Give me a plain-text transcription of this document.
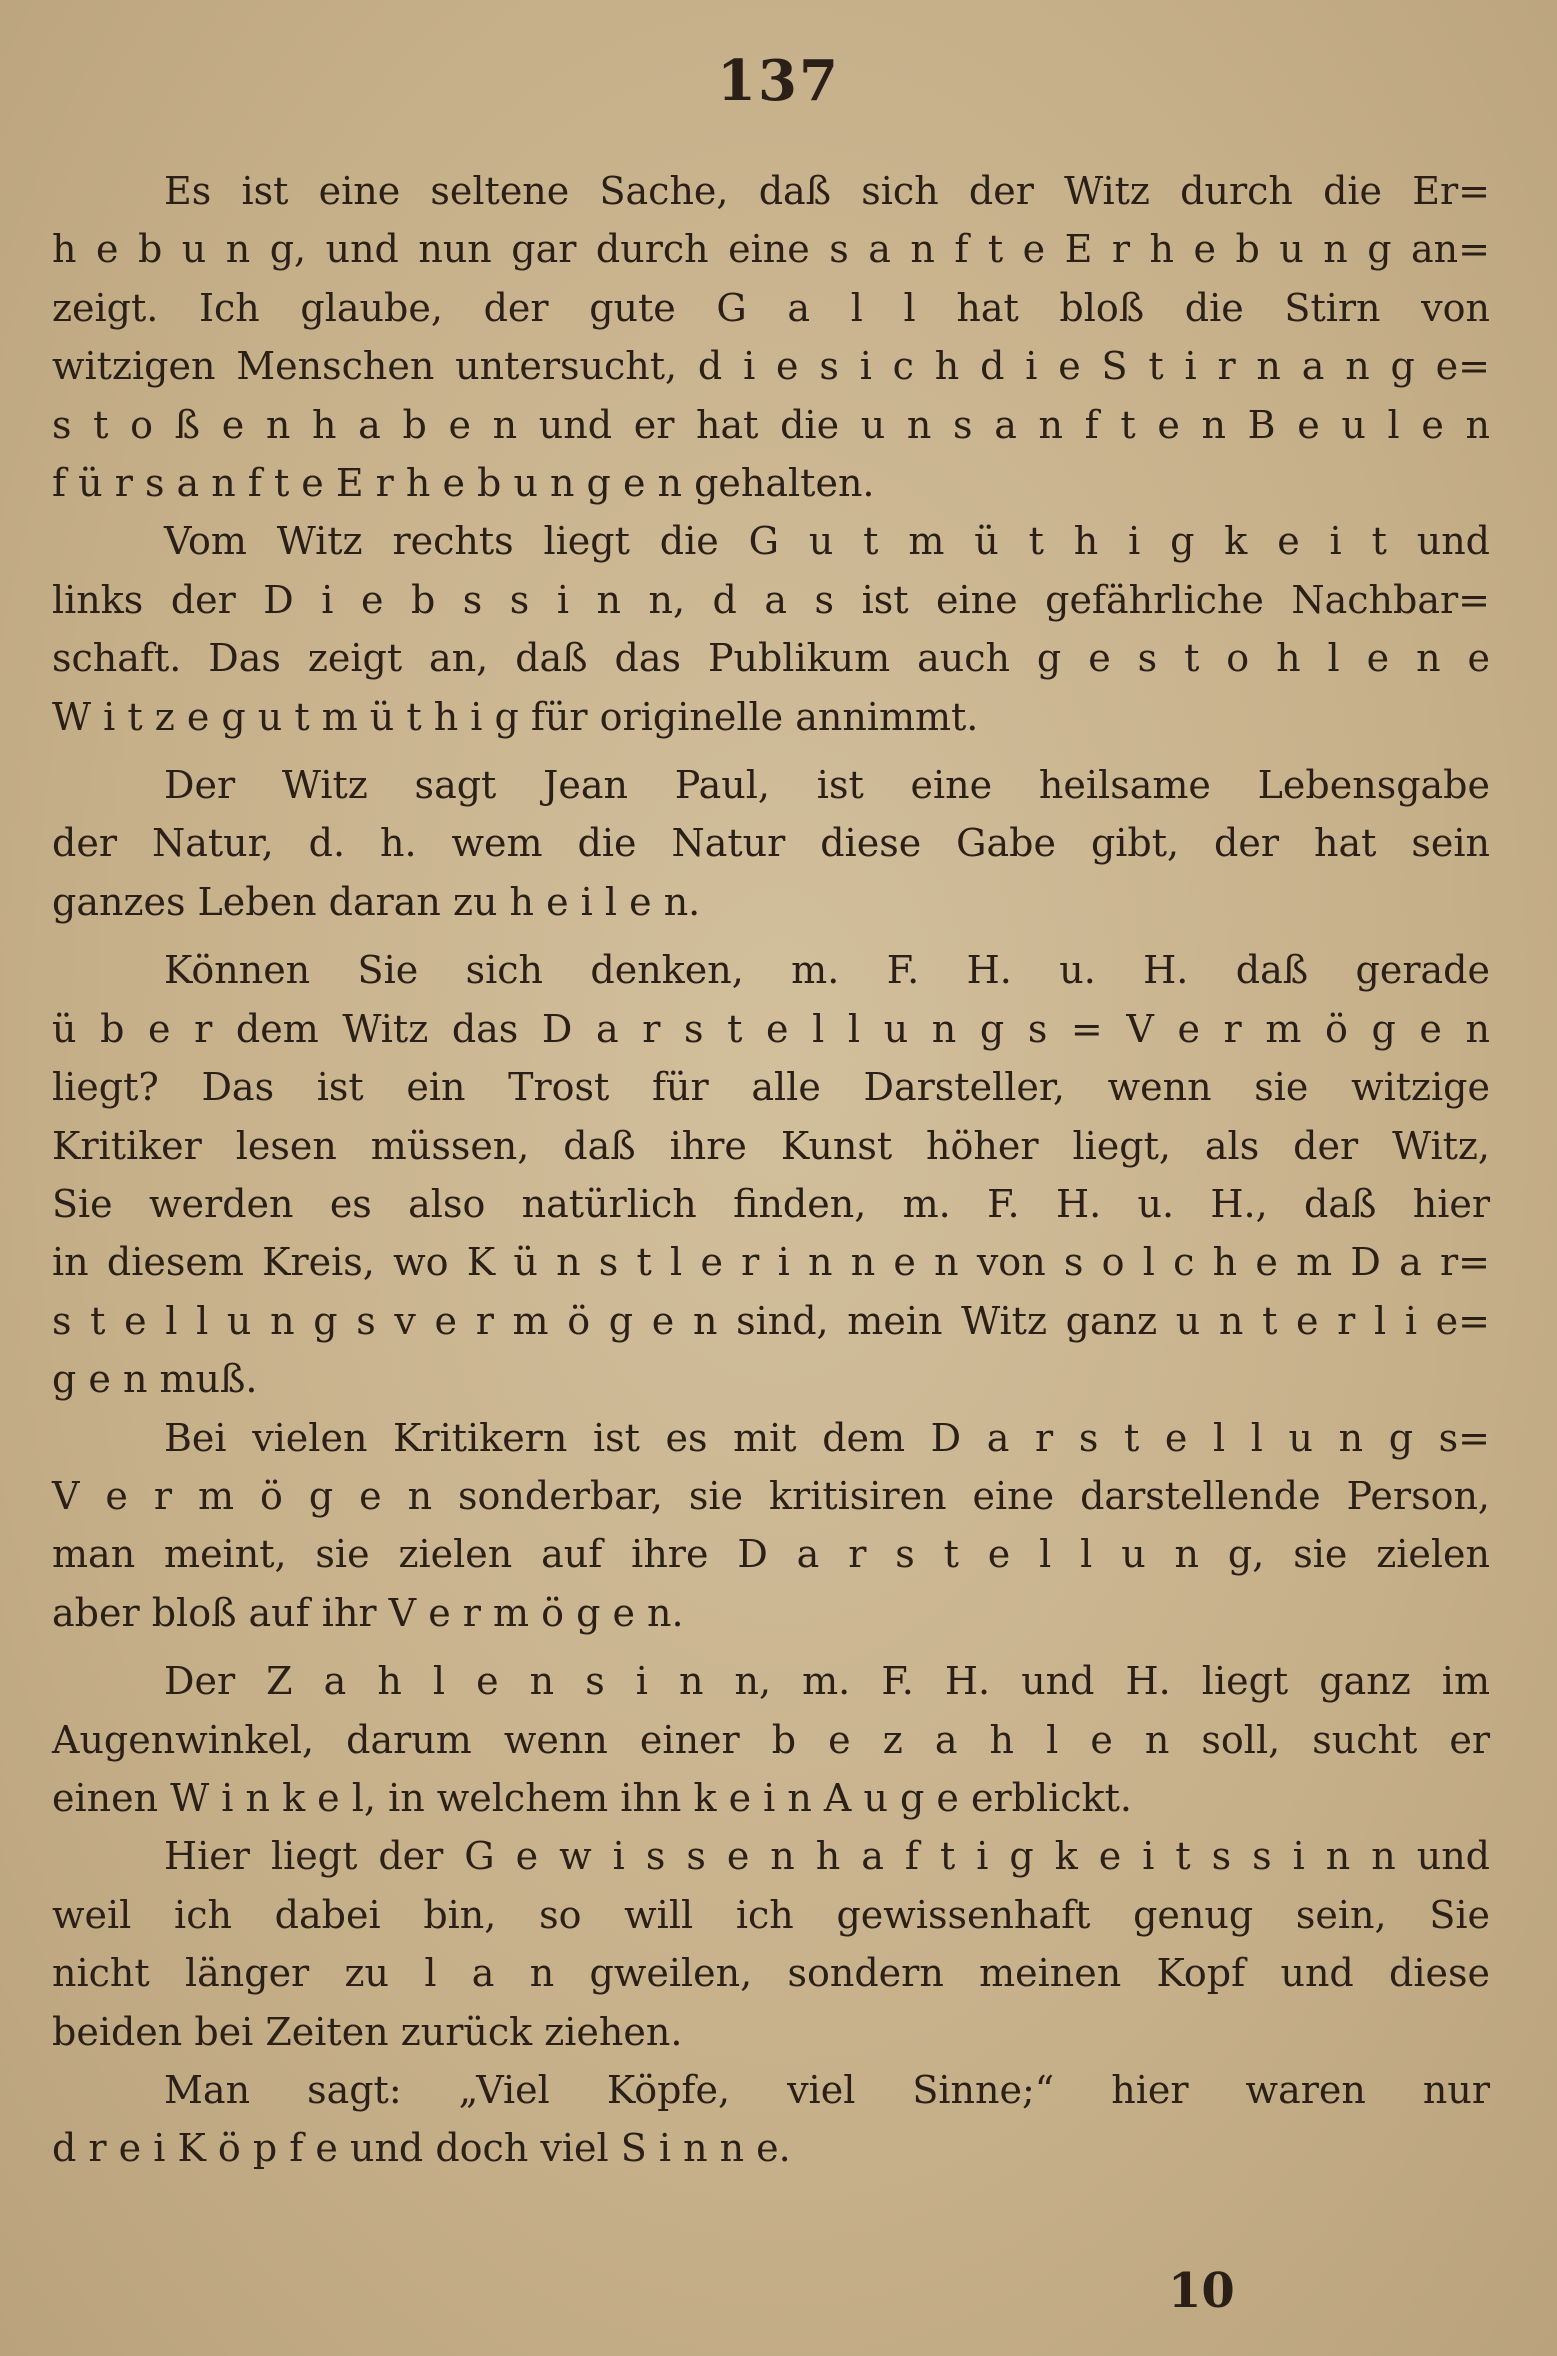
137
Es ist eine seltene Sache, daß sich der Witz durch die Er=
h e b u n g, und nun gar durch eine s a n f t e E r h e b u n g an=
zeigt. Ich glaube, der gute G a l l hat bloß die Stirn von
witzigen Menschen untersucht, d i e s i c h d i e S t i r n a n g e=
s t o ß e n h a b e n und er hat die u n s a n f t e n B e u l e n
f ü r s a n f t e E r h e b u n g e n gehalten.
Vom Witz rechts liegt die G u t m ü t h i g k e i t und
links der D i e b s s i n n, d a s ist eine gefährliche Nachbar=
schaft. Das zeigt an, daß das Publikum auch g e s t o h l e n e
W i t z e g u t m ü t h i g für originelle annimmt.
Der Witz sagt Jean Paul, ist eine heilsame Lebensgabe
der Natur, d. h. wem die Natur diese Gabe gibt, der hat sein
ganzes Leben daran zu h e i l e n.
Können Sie sich denken, m. F. H. u. H. daß gerade
ü b e r dem Witz das D a r s t e l l u n g s = V e r m ö g e n
liegt? Das ist ein Trost für alle Darsteller, wenn sie witzige
Kritiker lesen müssen, daß ihre Kunst höher liegt, als der Witz,
Sie werden es also natürlich finden, m. F. H. u. H., daß hier
in diesem Kreis, wo K ü n s t l e r i n n e n von s o l c h e m D a r=
s t e l l u n g s v e r m ö g e n sind, mein Witz ganz u n t e r l i e=
g e n muß.
Bei vielen Kritikern ist es mit dem D a r s t e l l u n g s=
V e r m ö g e n sonderbar, sie kritisiren eine darstellende Person,
man meint, sie zielen auf ihre D a r s t e l l u n g, sie zielen
aber bloß auf ihr V e r m ö g e n.
Der Z a h l e n s i n n, m. F. H. und H. liegt ganz im
Augenwinkel, darum wenn einer b e z a h l e n soll, sucht er
einen W i n k e l, in welchem ihn k e i n A u g e erblickt.
Hier liegt der G e w i s s e n h a f t i g k e i t s s i n n und
weil ich dabei bin, so will ich gewissenhaft genug sein, Sie
nicht länger zu l a n gweilen, sondern meinen Kopf und diese
beiden bei Zeiten zurück ziehen.
Man sagt: „Viel Köpfe, viel Sinne;“ hier waren nur
d r e i K ö p f e und doch viel S i n n e.
10
